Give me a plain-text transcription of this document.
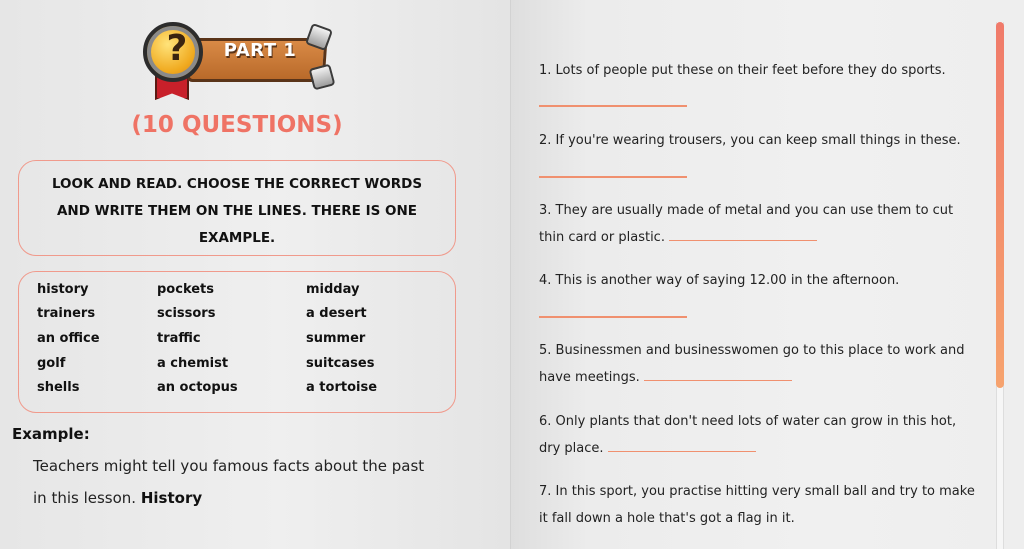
PART 1
?
(10 QUESTIONS)
LOOK AND READ. CHOOSE THE CORRECT WORDS AND WRITE THEM ON THE LINES. THERE IS ONE EXAMPLE.
history
trainers
an office
golf
shells
pockets
scissors
traffic
a chemist
an octopus
midday
a desert
summer
suitcases
a tortoise
Example:
Teachers might tell you famous facts about the past in this lesson. History
1. Lots of people put these on their feet before they do sports.
2. If you're wearing trousers, you can keep small things in these.
3. They are usually made of metal and you can use them to cut thin card or plastic.
4. This is another way of saying 12.00 in the afternoon.
5. Businessmen and businesswomen go to this place to work and have meetings.
6. Only plants that don't need lots of water can grow in this hot, dry place.
7. In this sport, you practise hitting very small ball and try to make it fall down a hole that's got a flag in it.
